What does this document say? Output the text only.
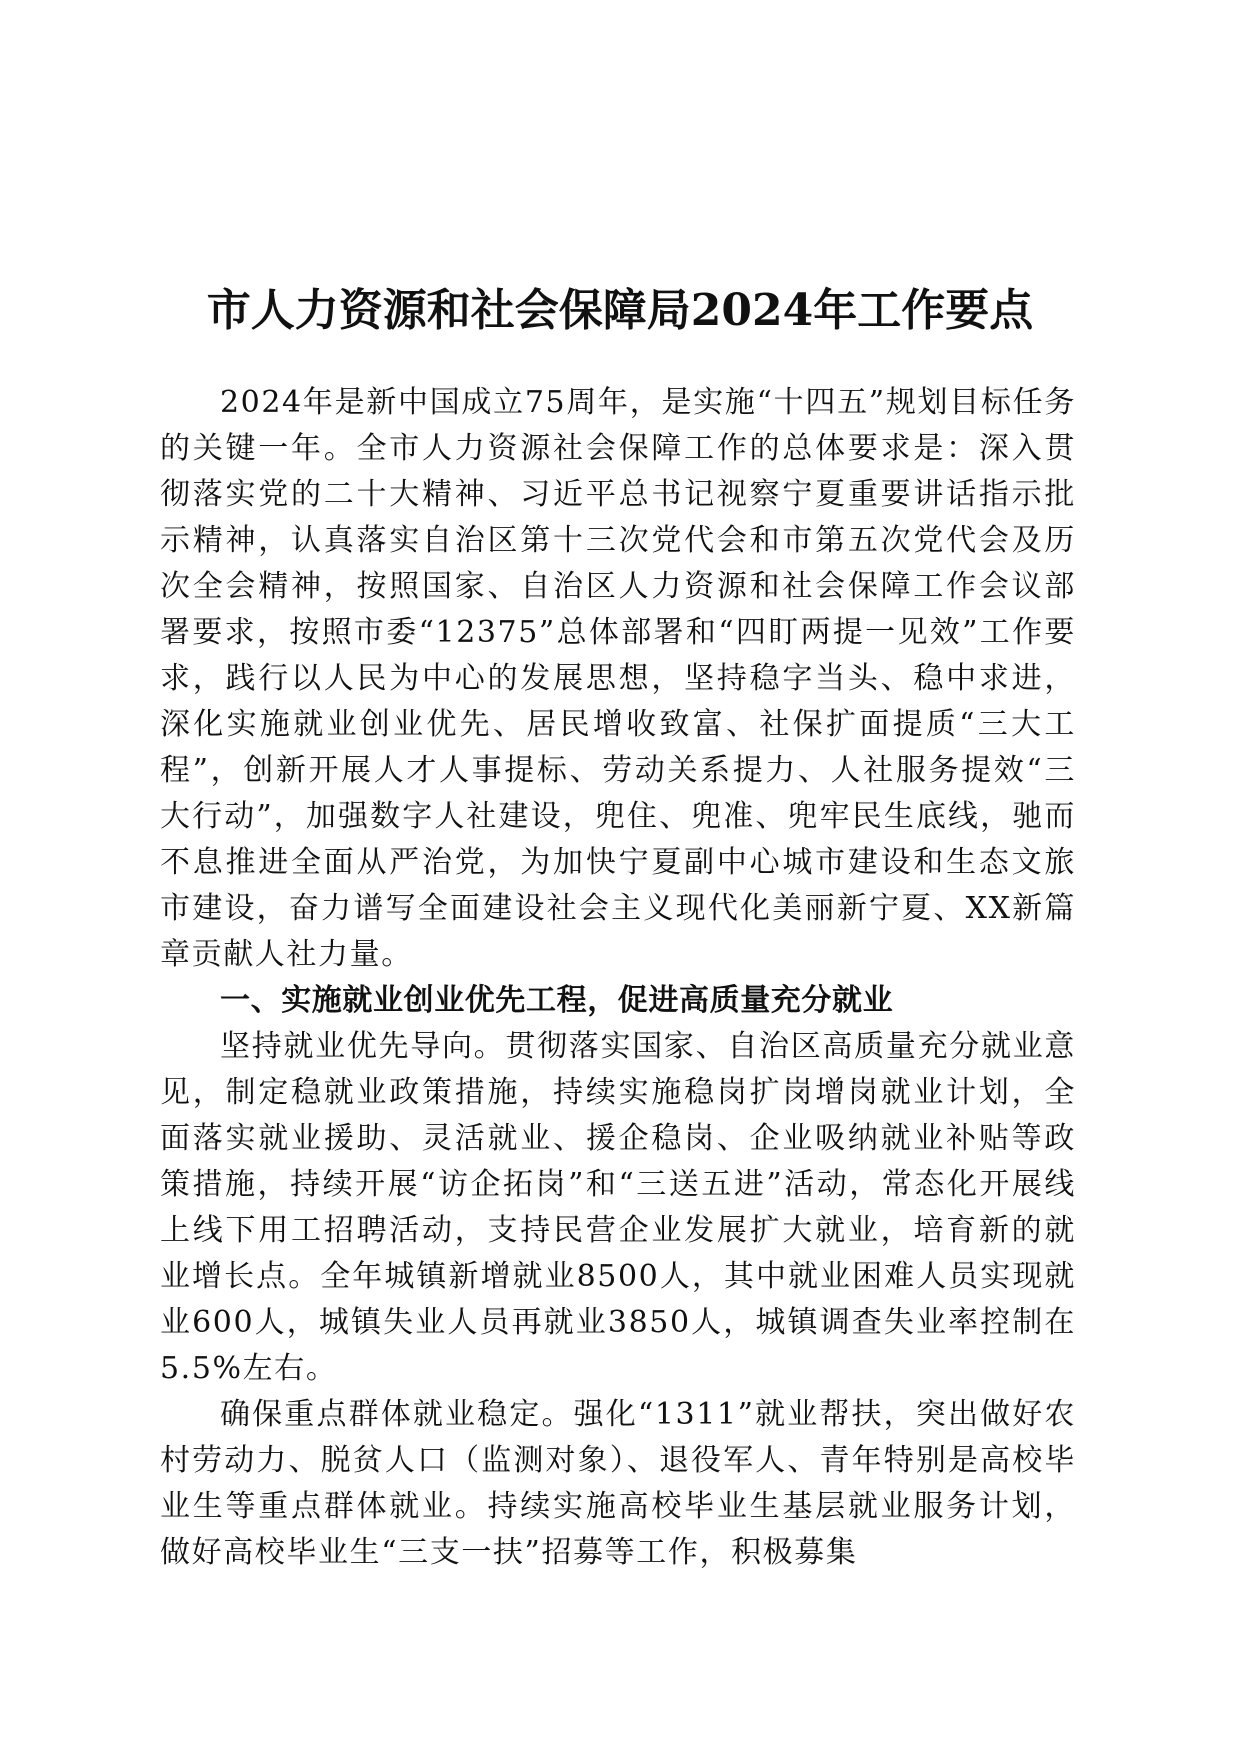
市人力资源和社会保障局2024年工作要点

2024年是新中国成立75周年，是实施“十四五”规划目标任务的关键一年。全市人力资源社会保障工作的总体要求是：深入贯彻落实党的二十大精神、习近平总书记视察宁夏重要讲话指示批示精神，认真落实自治区第十三次党代会和市第五次党代会及历次全会精神，按照国家、自治区人力资源和社会保障工作会议部署要求，按照市委“12375”总体部署和“四盯两提一见效”工作要求，践行以人民为中心的发展思想，坚持稳字当头、稳中求进，深化实施就业创业优先、居民增收致富、社保扩面提质“三大工程”，创新开展人才人事提标、劳动关系提力、人社服务提效“三大行动”，加强数字人社建设，兜住、兜准、兜牢民生底线，驰而不息推进全面从严治党，为加快宁夏副中心城市建设和生态文旅市建设，奋力谱写全面建设社会主义现代化美丽新宁夏、XX新篇章贡献人社力量。

一、实施就业创业优先工程，促进高质量充分就业

坚持就业优先导向。贯彻落实国家、自治区高质量充分就业意见，制定稳就业政策措施，持续实施稳岗扩岗增岗就业计划，全面落实就业援助、灵活就业、援企稳岗、企业吸纳就业补贴等政策措施，持续开展“访企拓岗”和“三送五进”活动，常态化开展线上线下用工招聘活动，支持民营企业发展扩大就业，培育新的就业增长点。全年城镇新增就业8500人，其中就业困难人员实现就业600人，城镇失业人员再就业3850人，城镇调查失业率控制在5.5%左右。

确保重点群体就业稳定。强化“1311”就业帮扶，突出做好农村劳动力、脱贫人口（监测对象）、退役军人、青年特别是高校毕业生等重点群体就业。持续实施高校毕业生基层就业服务计划，做好高校毕业生“三支一扶”招募等工作，积极募集
